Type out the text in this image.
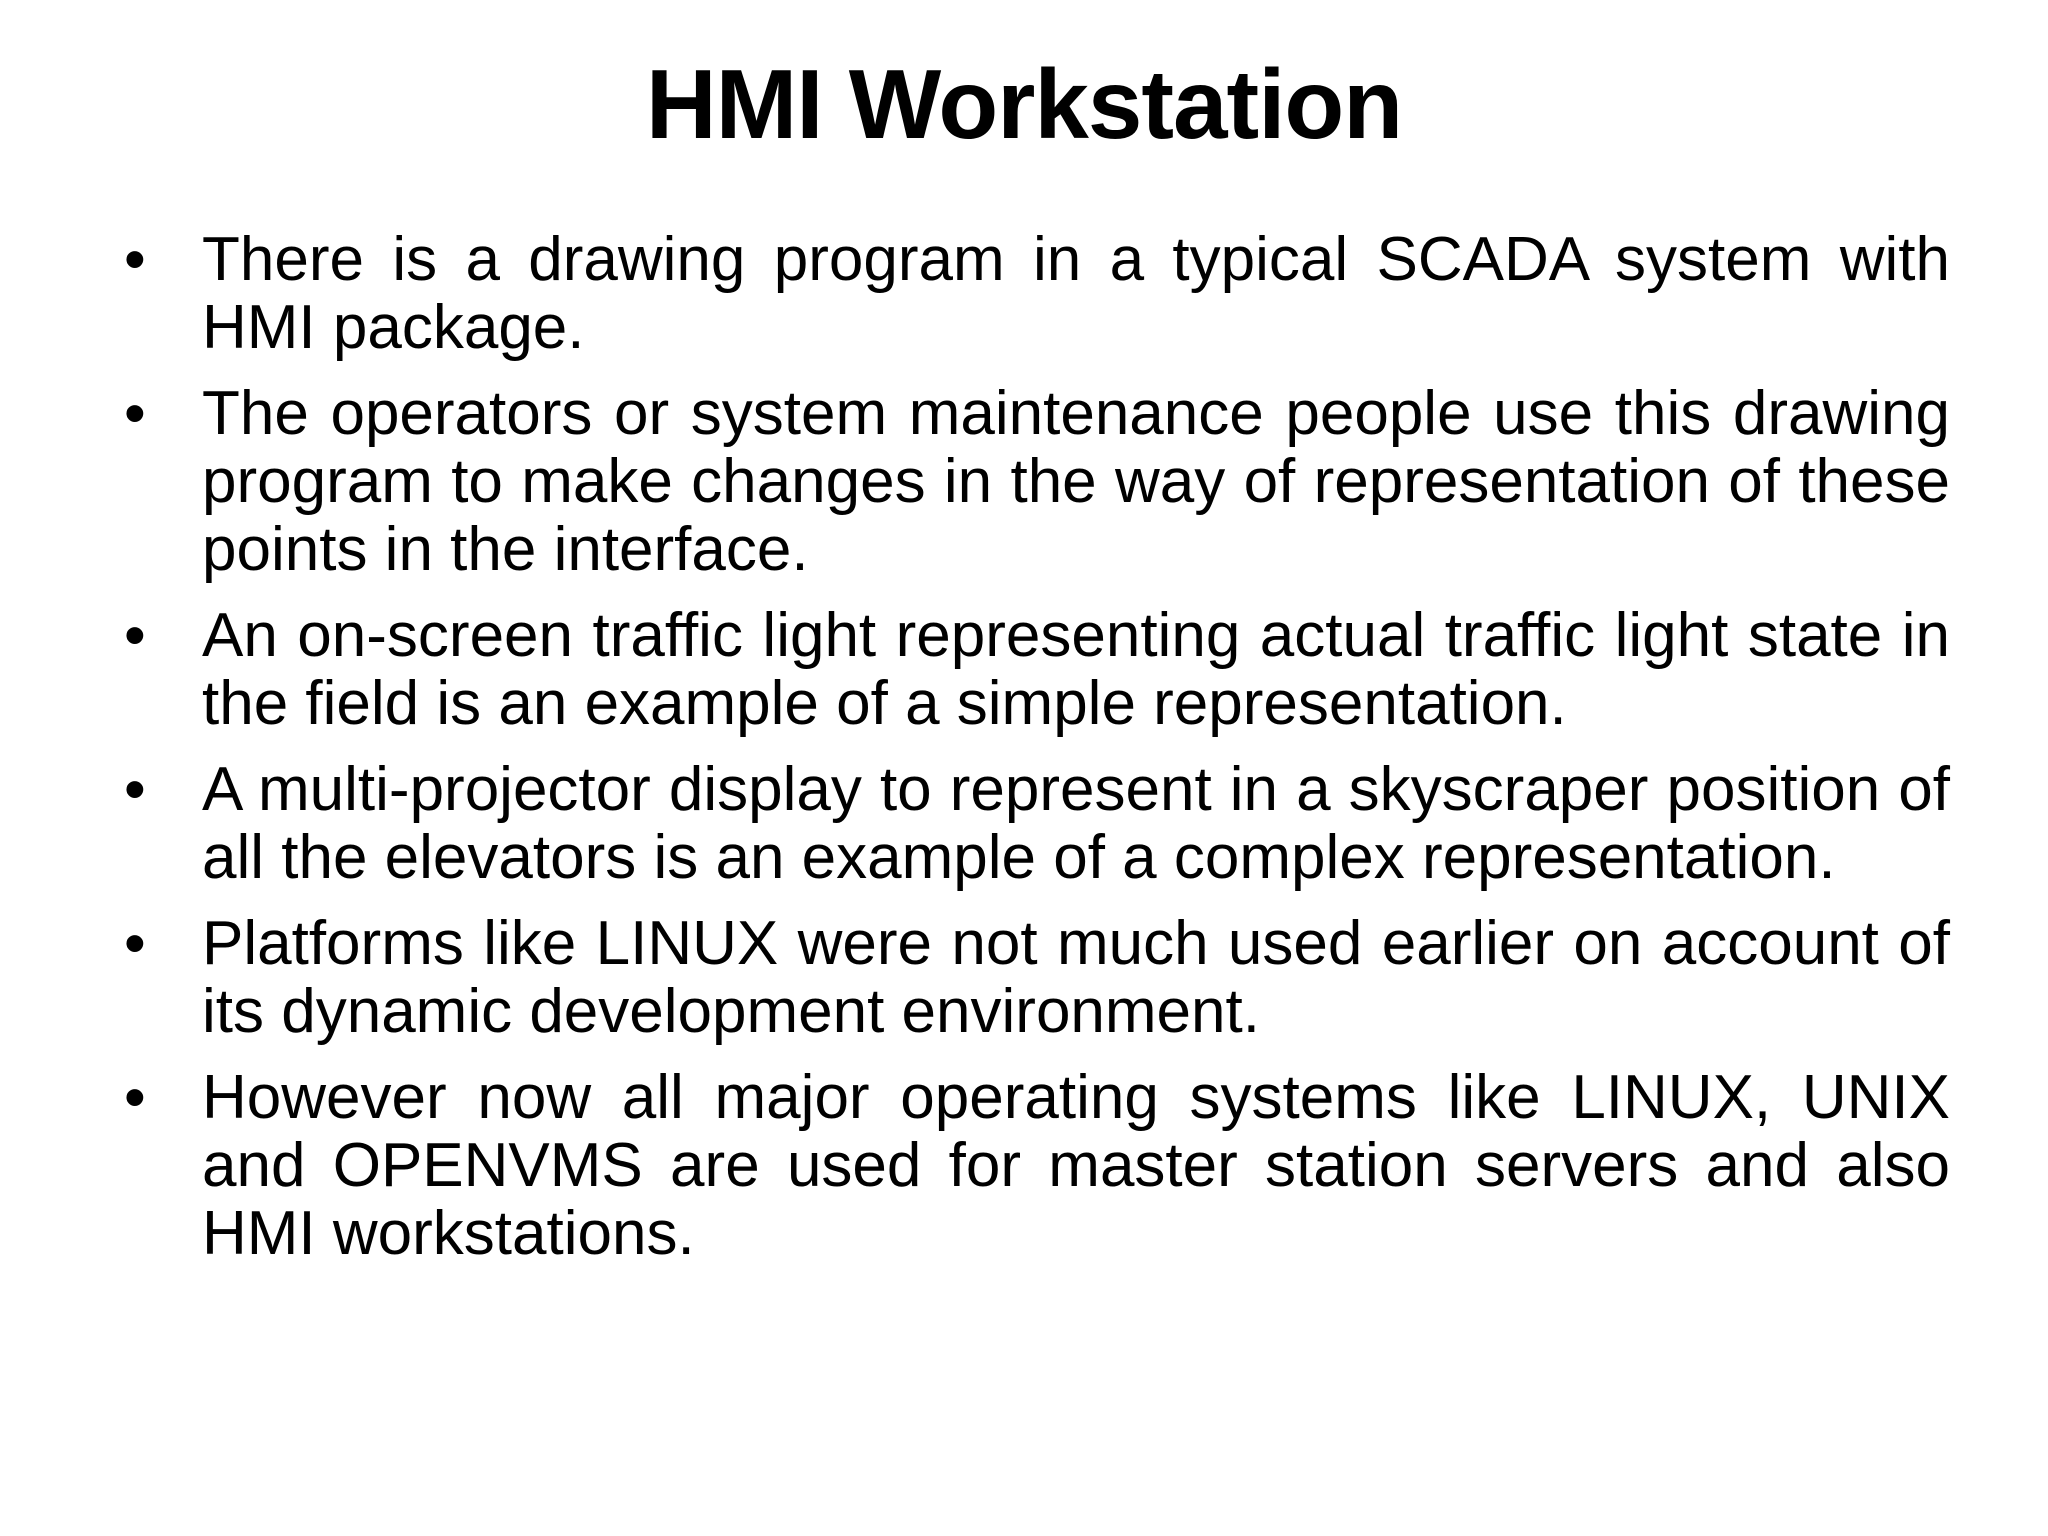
HMI Workstation
• There is a drawing program in a typical SCADA system with HMI package.
• The operators or system maintenance people use this drawing program to make changes in the way of representation of these points in the interface.
• An on-screen traffic light representing actual traffic light state in the field is an example of a simple representation.
• A multi-projector display to represent in a skyscraper position of all the elevators is an example of a complex representation.
• Platforms like LINUX were not much used earlier on account of its dynamic development environment.
• However now all major operating systems like LINUX, UNIX and OPENVMS are used for master station servers and also HMI workstations.
